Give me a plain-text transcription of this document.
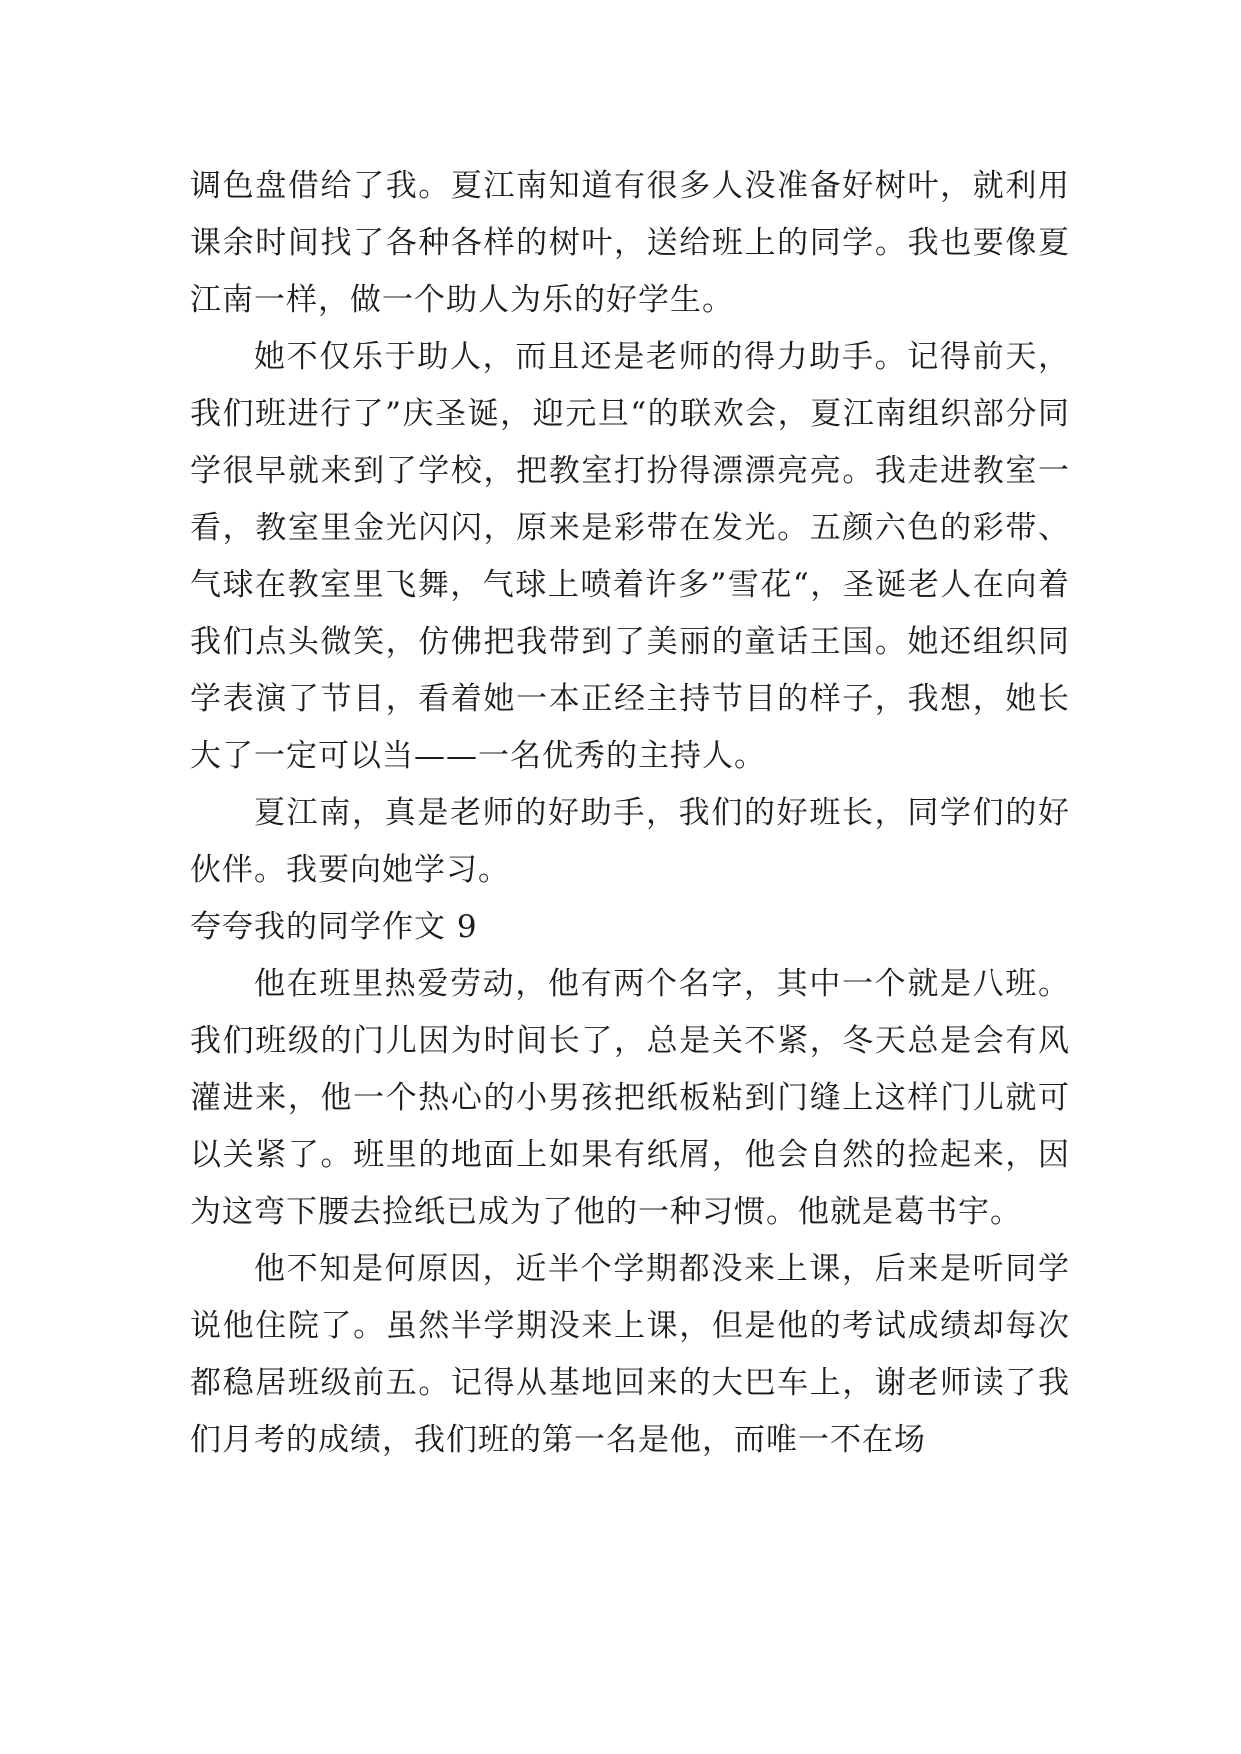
调色盘借给了我。夏江南知道有很多人没准备好树叶，就利用课余时间找了各种各样的树叶，送给班上的同学。我也要像夏江南一样，做一个助人为乐的好学生。

她不仅乐于助人，而且还是老师的得力助手。记得前天，我们班进行了”庆圣诞，迎元旦“的联欢会，夏江南组织部分同学很早就来到了学校，把教室打扮得漂漂亮亮。我走进教室一看，教室里金光闪闪，原来是彩带在发光。五颜六色的彩带、气球在教室里飞舞，气球上喷着许多”雪花“，圣诞老人在向着我们点头微笑，仿佛把我带到了美丽的童话王国。她还组织同学表演了节目，看着她一本正经主持节目的样子，我想，她长大了一定可以当——一名优秀的主持人。

夏江南，真是老师的好助手，我们的好班长，同学们的好伙伴。我要向她学习。

夸夸我的同学作文 9

他在班里热爱劳动，他有两个名字，其中一个就是八班。我们班级的门儿因为时间长了，总是关不紧，冬天总是会有风灌进来，他一个热心的小男孩把纸板粘到门缝上这样门儿就可以关紧了。班里的地面上如果有纸屑，他会自然的捡起来，因为这弯下腰去捡纸已成为了他的一种习惯。他就是葛书宇。

他不知是何原因，近半个学期都没来上课，后来是听同学说他住院了。虽然半学期没来上课，但是他的考试成绩却每次都稳居班级前五。记得从基地回来的大巴车上，谢老师读了我们月考的成绩，我们班的第一名是他，而唯一不在场
